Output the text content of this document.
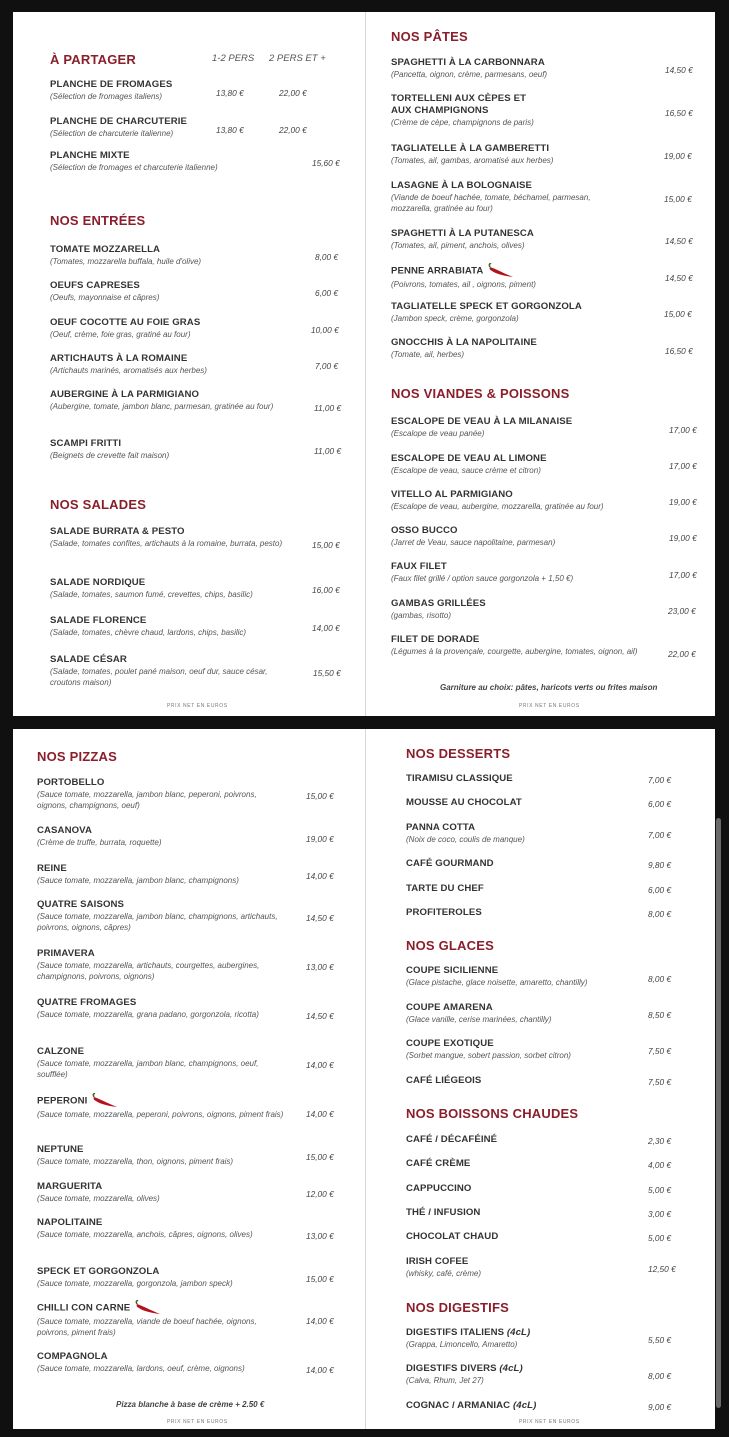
À PARTAGER	1-2 PERS 2 PERS ET +
PLANCHE DE FROMAGES
(Sélection de fromages italiens)	13,80 €	22,00 €
PLANCHE DE CHARCUTERIE
(Sélection de charcuterie italienne)	13,80 €	22,00 €
PLANCHE MIXTE
(Sélection de fromages et charcuterie italienne)	15,60 €
NOS ENTRÉES
TOMATE MOZZARELLA
(Tomates, mozzarella buffala, huile d'olive)	8,00 €
OEUFS CAPRESES
(Oeufs, mayonnaise et câpres)	6,00 €
OEUF COCOTTE AU FOIE GRAS
(Oeuf, crème, foie gras, gratiné au four)	10,00 €
ARTICHAUTS À LA ROMAINE
(Artichauts marinés, aromatisés aux herbes)	7,00 €
AUBERGINE À LA PARMIGIANO
(Aubergine, tomate, jambon blanc, parmesan, gratinée au four)	11,00 €
SCAMPI FRITTI
(Beignets de crevette fait maison)	11,00 €
NOS SALADES
SALADE BURRATA & PESTO
(Salade, tomates confites, artichauts à la romaine, burrata, pesto)	15,00 €
SALADE NORDIQUE
(Salade, tomates, saumon fumé, crevettes, chips, basilic)	16,00 €
SALADE FLORENCE
(Salade, tomates, chèvre chaud, lardons, chips, basilic)	14,00 €
SALADE CÉSAR
(Salade, tomates, poulet pané maison, oeuf dur, sauce césar, croutons maison)
15,50 €
PRIX NET EN EUROS
NOS PÂTES
SPAGHETTI À LA CARBONNARA
(Pancetta, oignon, crème, parmesans, oeuf)	14,50 €
TORTELLENI AUX CÈPES ET
AUX CHAMPIGNONS
(Crème de cèpe, champignons de paris)
16,50 €
TAGLIATELLE À LA GAMBERETTI
(Tomates, ail, gambas, aromatisé aux herbes)	19,00 €
LASAGNE À LA BOLOGNAISE
(Viande de boeuf hachée, tomate, béchamel, parmesan, mozzarella, gratinée au four)
15,00 €
SPAGHETTI À LA PUTANESCA
(Tomates, ail, piment, anchois, olives)	14,50 €
PENNE ARRABIATA
(Poivrons, tomates, ail , oignons, piment)
14,50 €
TAGLIATELLE SPECK ET GORGONZOLA
(Jambon speck, crème, gorgonzola)	15,00 €
GNOCCHIS À LA NAPOLITAINE
(Tomate, ail, herbes)	16,50 €
NOS VIANDES & POISSONS
ESCALOPE DE VEAU À LA MILANAISE
(Escalope de veau panée)	17,00 €
ESCALOPE DE VEAU AL LIMONE
(Escalope de veau, sauce crème et citron)	17,00 €
VITELLO AL PARMIGIANO
(Escalope de veau, aubergine, mozzarella, gratinée au four)	19,00 €
OSSO BUCCO
(Jarret de Veau, sauce napolitaine, parmesan)	19,00 €
FAUX FILET
(Faux filet grillé / option sauce gorgonzola + 1,50 €)	17,00 €
GAMBAS GRILLÉES
(gambas, risotto)	23,00 €
FILET DE DORADE
(Légumes à la provençale, courgette, aubergine, tomates, oignon, ail)	22,00 €
Garniture au choix: pâtes, haricots verts ou frites maison
PRIX NET EN EUROS
NOS PIZZAS
PORTOBELLO
(Sauce tomate, mozzarella, jambon blanc, peperoni, poivrons, oignons, champignons, oeuf)
15,00 €
CASANOVA
(Crème de truffe, burrata, roquette)	19,00 €
REINE
(Sauce tomate, mozzarella, jambon blanc, champignons)	14,00 €
QUATRE SAISONS
(Sauce tomate, mozzarella, jambon blanc, champignons, artichauts, poivrons, oignons, câpres)
14,50 €
PRIMAVERA
(Sauce tomate, mozzarella, artichauts, courgettes, aubergines, champignons, poivrons, oignons)
13,00 €
QUATRE FROMAGES
(Sauce tomate, mozzarella, grana padano, gorgonzola, ricotta)	14,50 €
CALZONE
(Sauce tomate, mozzarella, jambon blanc, champignons, oeuf, soufflée)
14,00 €
PEPERONI
(Sauce tomate, mozzarella, peperoni, poivrons, oignons, piment frais)	14,00 €
NEPTUNE
(Sauce tomate, mozzarella, thon, oignons, piment frais)	15,00 €
MARGUERITA
(Sauce tomate, mozzarella, olives)	12,00 €
NAPOLITAINE
(Sauce tomate, mozzarella, anchois, câpres, oignons, olives)	13,00 €
SPECK ET GORGONZOLA
(Sauce tomate, mozzarella, gorgonzola, jambon speck)	15,00 €
CHILLI CON CARNE
(Sauce tomate, mozzarella, viande de boeuf hachée, oignons, poivrons, piment frais)
14,00 €
COMPAGNOLA
(Sauce tomate, mozzarella, lardons, oeuf, crème, oignons)	14,00 €
Pizza blanche à base de crème + 2.50 €
PRIX NET EN EUROS
NOS DESSERTS
TIRAMISU CLASSIQUE	7,00 €
MOUSSE AU CHOCOLAT	6,00 €
PANNA COTTA
(Noix de coco, coulis de manque)	7,00 €
CAFÉ GOURMAND	9,80 €
TARTE DU CHEF	6,00 €
PROFITEROLES	8,00 €
NOS GLACES
COUPE SICILIENNE
(Glace pistache, glace noisette, amaretto, chantilly)	8,00 €
COUPE AMARENA
(Glace vanille, cerise marinées, chantilly)	8,50 €
COUPE EXOTIQUE
(Sorbet mangue, sobert passion, sorbet citron)	7,50 €
CAFÉ LIÉGEOIS	7,50 €
NOS BOISSONS CHAUDES
CAFÉ / DÉCAFÉINÉ	2,30 €
CAFÉ CRÈME	4,00 €
CAPPUCCINO	5,00 €
THÉ / INFUSION	3,00 €
CHOCOLAT CHAUD	5,00 €
IRISH COFEE
(whisky, café, crème)	12,50 €
NOS DIGESTIFS
DIGESTIFS ITALIENS (4cL)
(Grappa, Limoncello, Amaretto)	5,50 €
DIGESTIFS DIVERS (4cL)
(Calva, Rhum, Jet 27)	8,00 €
COGNAC / ARMANIAC (4cL)	9,00 €
PRIX NET EN EUROS
